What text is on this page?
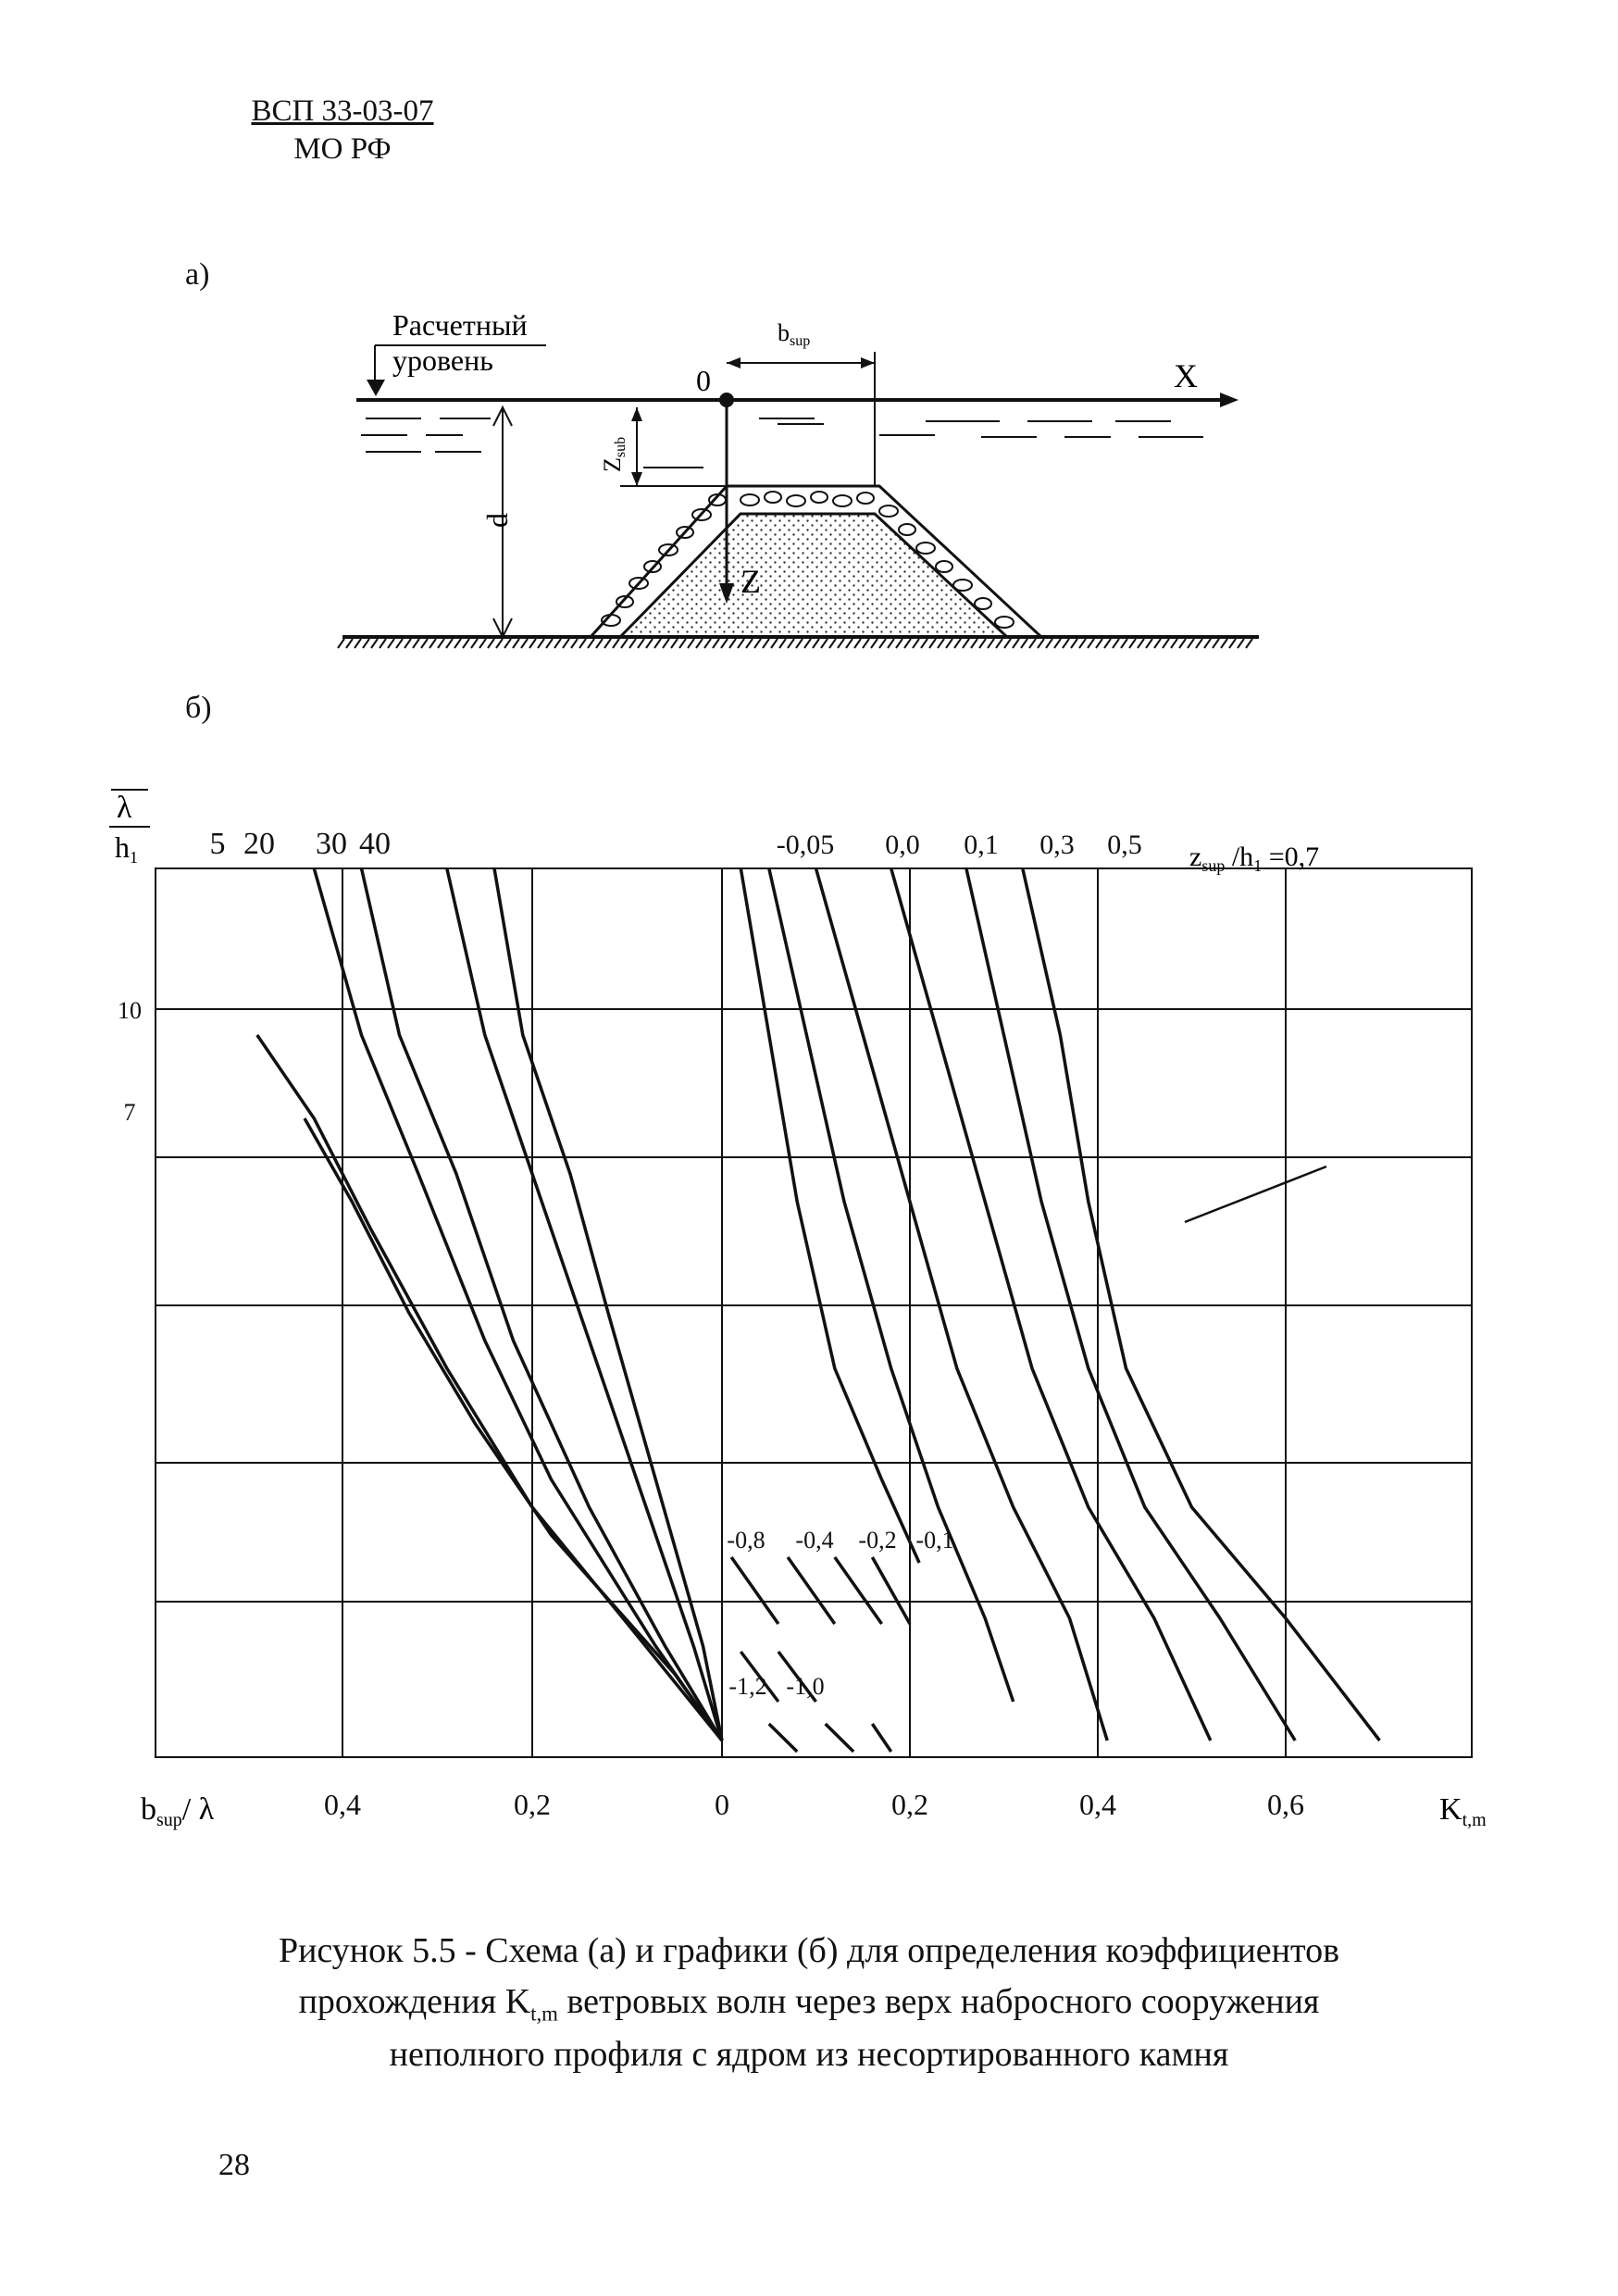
ВСП 33-03-07
МО РФ
а)
б)
Расчетный
уровень	X
0
bsup
Zsub
d
Z
0,4	0,2	0	0,2	0,4	0,6
10
7
5 20 30 40	-0,05 0,0 0,1 0,3 0,5
-0,8 -0,4 -0,2 -0,1
-1,2 -1,0
λ
h1
$b_{sup}/$ λ	$K_{t,m}$
$z_{sup}$ $/h_1 =0,7$
Рисунок 5.5 - Схема (а) и графики (б) для определения коэффициентов
прохождения $K_{t,m}$ ветровых волн через верх набросного сооружения
неполного профиля с ядром из несортированного камня
28
